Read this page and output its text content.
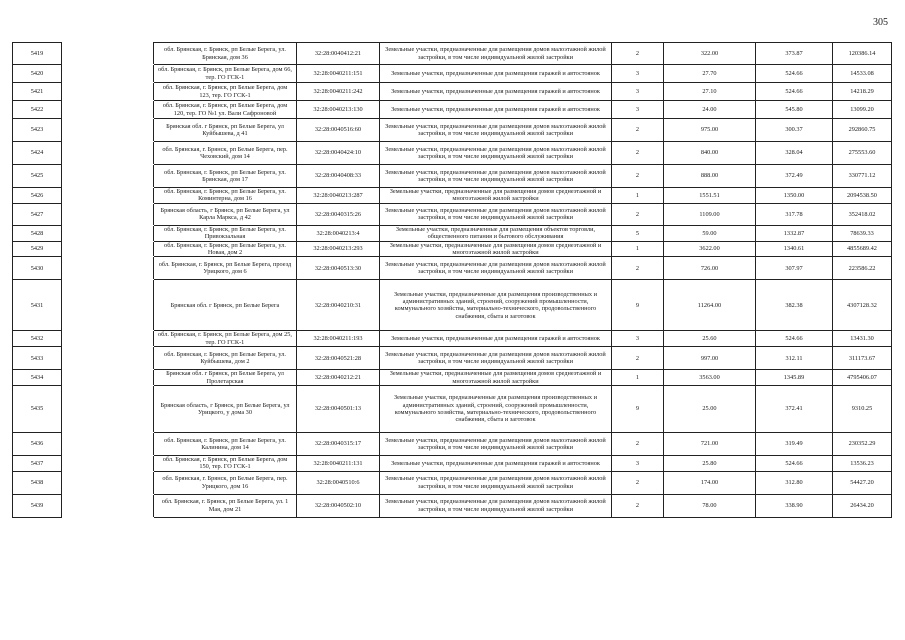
305
5419		обл. Брянская, г. Брянск, рп Белые Берега, ул. Брянская, дом 36	32:28:0040412:21	Земельные участки, предназначенные для размещения домов малоэтажной жилой застройки, в том числе индивидуальной жилой застройки	2	322.00	373.87	120386.14
5420		обл. Брянская, г. Брянск, рп Белые Берега, дом 66, тер. ГО ГСК-1	32:28:0040211:151	Земельные участки, предназначенные для размещения гаражей и автостоянок	3	27.70	524.66	14533.08
5421		обл. Брянская, г. Брянск, рп Белые Берега, дом 123, тер. ГО ГСК-1	32:28:0040211:242	Земельные участки, предназначенные для размещения гаражей и автостоянок	3	27.10	524.66	14218.29
5422		обл. Брянская, г. Брянск, рп Белые Берега, дом 120, тер. ГО №1 ул. Вали Сафроновой	32:28:0040213:130	Земельные участки, предназначенные для размещения гаражей и автостоянок	3	24.00	545.80	13099.20
5423		Брянская обл. г Брянск, рп Белые Берега, ул Куйбышева, д 41	32:28:0040516:60	Земельные участки, предназначенные для размещения домов малоэтажной жилой застройки, в том числе индивидуальной жилой застройки	2	975.00	300.37	292860.75
5424		обл. Брянская, г. Брянск, рп Белые Берега, пер. Чеховский, дом 14	32:28:0040424:10	Земельные участки, предназначенные для размещения домов малоэтажной жилой застройки, в том числе индивидуальной жилой застройки	2	840.00	328.04	275553.60
5425		обл. Брянская, г. Брянск, рп Белые Берега, ул. Брянская, дом 17	32:28:0040408:33	Земельные участки, предназначенные для размещения домов малоэтажной жилой застройки, в том числе индивидуальной жилой застройки	2	888.00	372.49	330771.12
5426		обл. Брянская, г. Брянск, рп Белые Берега, ул. Коминтерна, дом 16	32:28:0040213:287	Земельные участки, предназначенные для размещения домов среднеэтажной и многоэтажной жилой застройки	1	1551.51	1350.00	2094538.50
5427		Брянская область, г Брянск, рп Белые Берега, ул Карла Маркса, д 42	32:28:0040315:26	Земельные участки, предназначенные для размещения домов малоэтажной жилой застройки, в том числе индивидуальной жилой застройки	2	1109.00	317.78	352418.02
5428		обл. Брянская, г. Брянск, рп Белые Берега, ул. Привокзальная	32:28:0040213:4	Земельные участки, предназначенные для размещения объектов торговли, общественного питания и бытового обслуживания	5	59.00	1332.87	78639.33
5429		обл. Брянская, г. Брянск, рп Белые Берега, ул. Новая, дом 2	32:28:0040213:293	Земельные участки, предназначенные для размещения домов среднеэтажной и многоэтажной жилой застройки	1	3622.00	1340.61	4855689.42
5430		обл. Брянская, г. Брянск, рп Белые Берега, проезд Урицкого, дом 6	32:28:0040513:30	Земельные участки, предназначенные для размещения домов малоэтажной жилой застройки, в том числе индивидуальной жилой застройки	2	726.00	307.97	223586.22
5431		Брянская обл. г Брянск, рп Белые Берега	32:28:0040210:31	Земельные участки, предназначенные для размещения производственных и административных зданий, строений, сооружений промышленности, коммунального хозяйства, материально-технического, продовольственного снабжения, сбыта и заготовок	9	11264.00	382.38	4307128.32
5432		обл. Брянская, г. Брянск, рп Белые Берега, дом 25, тер. ГО ГСК-1	32:28:0040211:193	Земельные участки, предназначенные для размещения гаражей и автостоянок	3	25.60	524.66	13431.30
5433		обл. Брянская, г. Брянск, рп Белые Берега, ул. Куйбышева, дом 2	32:28:0040521:28	Земельные участки, предназначенные для размещения домов малоэтажной жилой застройки, в том числе индивидуальной жилой застройки	2	997.00	312.11	311173.67
5434		Брянская обл. г Брянск, рп Белые Берега, ул Пролетарская	32:28:0040212:21	Земельные участки, предназначенные для размещения домов среднеэтажной и многоэтажной жилой застройки	1	3563.00	1345.89	4795406.07
5435		Брянская область, г Брянск, рп Белые Берега, ул Урицкого, у дома 30	32:28:0040501:13	Земельные участки, предназначенные для размещения производственных и административных зданий, строений, сооружений промышленности, коммунального хозяйства, материально-технического, продовольственного снабжения, сбыта и заготовок	9	25.00	372.41	9310.25
5436		обл. Брянская, г. Брянск, рп Белые Берега, ул. Калинина, дом 14	32:28:0040315:17	Земельные участки, предназначенные для размещения домов малоэтажной жилой застройки, в том числе индивидуальной жилой застройки	2	721.00	319.49	230352.29
5437		обл. Брянская, г. Брянск, рп Белые Берега, дом 150, тер. ГО ГСК-1	32:28:0040211:131	Земельные участки, предназначенные для размещения гаражей и автостоянок	3	25.80	524.66	13536.23
5438		обл. Брянская, г. Брянск, рп Белые Берега, пер. Урицкого, дом 16	32:28:0040510:6	Земельные участки, предназначенные для размещения домов малоэтажной жилой застройки, в том числе индивидуальной жилой застройки	2	174.00	312.80	54427.20
5439		обл. Брянская, г. Брянск, рп Белые Берега, ул. 1 Мая, дом 21	32:28:0040502:10	Земельные участки, предназначенные для размещения домов малоэтажной жилой застройки, в том числе индивидуальной жилой застройки	2	78.00	338.90	26434.20
